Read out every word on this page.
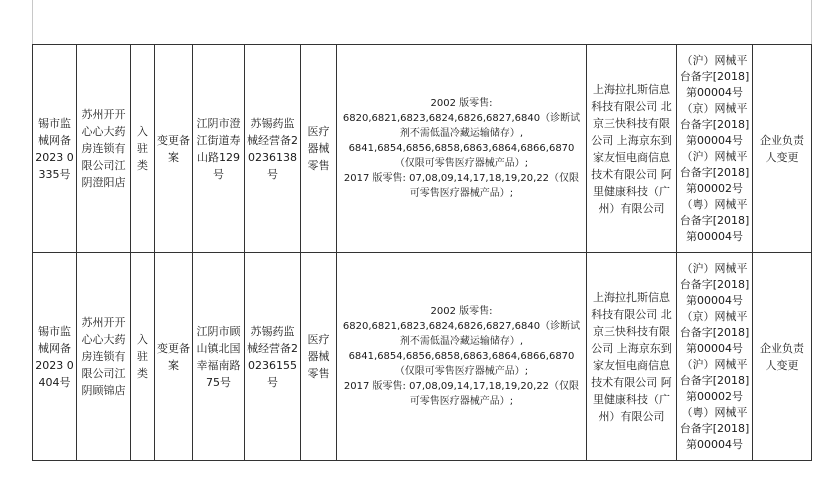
锡市监械网备2023 0335号	苏州开开心心大药房连锁有限公司江阴澄阳店	入驻类	变更备案	江阴市澄江街道寿山路129号	苏锡药监械经营备20236138号	医疗器械零售	2002 版零售:
6820,6821,6823,6824,6826,6827,6840（诊断试剂不需低温冷藏运输储存）,
6841,6854,6856,6858,6863,6864,6866,6870（仅限可零售医疗器械产品）;
2017 版零售: 07,08,09,14,17,18,19,20,22（仅限可零售医疗器械产品）;	上海拉扎斯信息科技有限公司 北京三快科技有限公司 上海京东到家友恒电商信息技术有限公司 阿里健康科技（广州）有限公司	（沪）网械平台备字[2018]第00004号 （京）网械平台备字[2018]第00004号 （沪）网械平台备字[2018]第00002号 （粤）网械平台备字[2018]第00004号	企业负责人变更
锡市监械网备2023 0404号	苏州开开心心大药房连锁有限公司江阴顾锦店	入驻类	变更备案	江阴市顾山镇北国幸福南路75号	苏锡药监械经营备20236155号	医疗器械零售	2002 版零售:
6820,6821,6823,6824,6826,6827,6840（诊断试剂不需低温冷藏运输储存）,
6841,6854,6856,6858,6863,6864,6866,6870（仅限可零售医疗器械产品）;
2017 版零售: 07,08,09,14,17,18,19,20,22（仅限可零售医疗器械产品）;	上海拉扎斯信息科技有限公司 北京三快科技有限公司 上海京东到家友恒电商信息技术有限公司 阿里健康科技（广州）有限公司	（沪）网械平台备字[2018]第00004号 （京）网械平台备字[2018]第00004号 （沪）网械平台备字[2018]第00002号 （粤）网械平台备字[2018]第00004号	企业负责人变更
